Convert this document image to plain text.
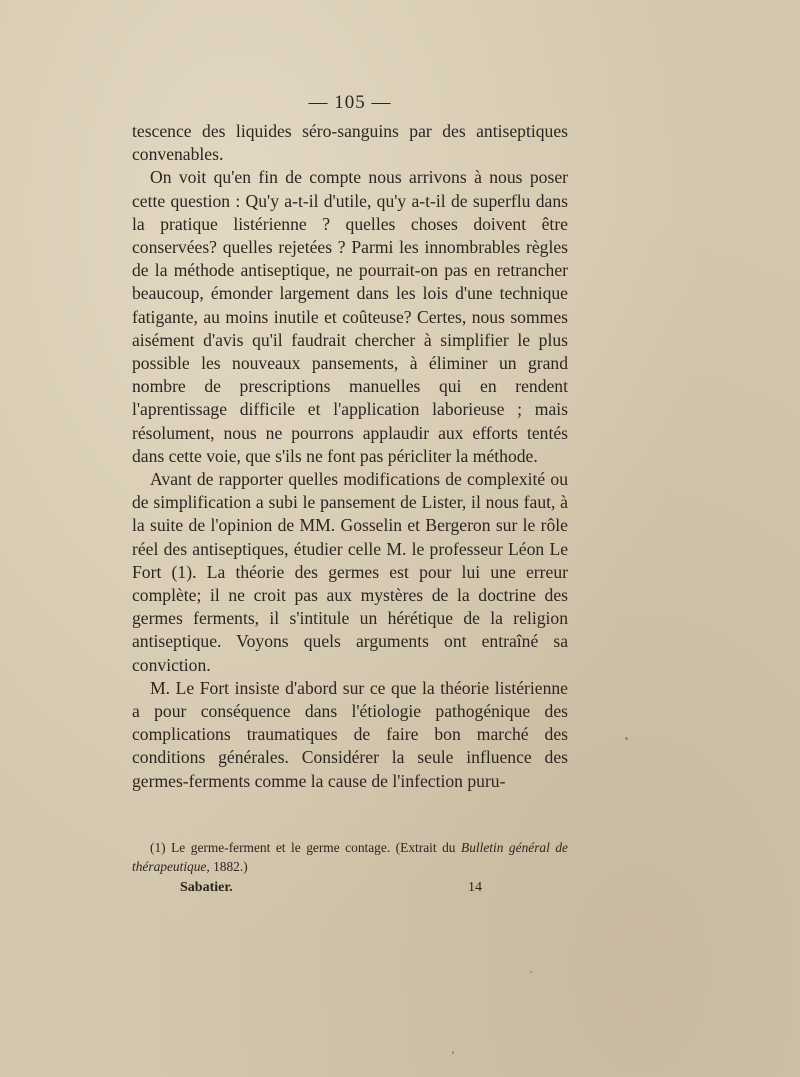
— 105 —

tescence des liquides séro-sanguins par des antiseptiques convenables.

On voit qu'en fin de compte nous arrivons à nous poser cette question : Qu'y a-t-il d'utile, qu'y a-t-il de superflu dans la pratique listérienne ? quelles choses doivent être conservées? quelles rejetées ? Parmi les innombrables règles de la méthode antiseptique, ne pourrait-on pas en retrancher beaucoup, émonder largement dans les lois d'une technique fatigante, au moins inutile et coûteuse? Certes, nous sommes aisément d'avis qu'il faudrait chercher à simplifier le plus possible les nouveaux pansements, à éliminer un grand nombre de prescriptions manuelles qui en rendent l'aprentissage difficile et l'application laborieuse ; mais résolument, nous ne pourrons applaudir aux efforts tentés dans cette voie, que s'ils ne font pas péricliter la méthode.

Avant de rapporter quelles modifications de complexité ou de simplification a subi le pansement de Lister, il nous faut, à la suite de l'opinion de MM. Gosselin et Bergeron sur le rôle réel des antiseptiques, étudier celle M. le professeur Léon Le Fort (1). La théorie des germes est pour lui une erreur complète; il ne croit pas aux mystères de la doctrine des germes ferments, il s'intitule un hérétique de la religion antiseptique. Voyons quels arguments ont entraîné sa conviction.

M. Le Fort insiste d'abord sur ce que la théorie listérienne a pour conséquence dans l'étiologie pathogénique des complications traumatiques de faire bon marché des conditions générales. Considérer la seule influence des germes-ferments comme la cause de l'infection puru-

(1) Le germe-ferment et le germe contage. (Extrait du Bulletin général de thérapeutique, 1882.)

Sabatier.	14
